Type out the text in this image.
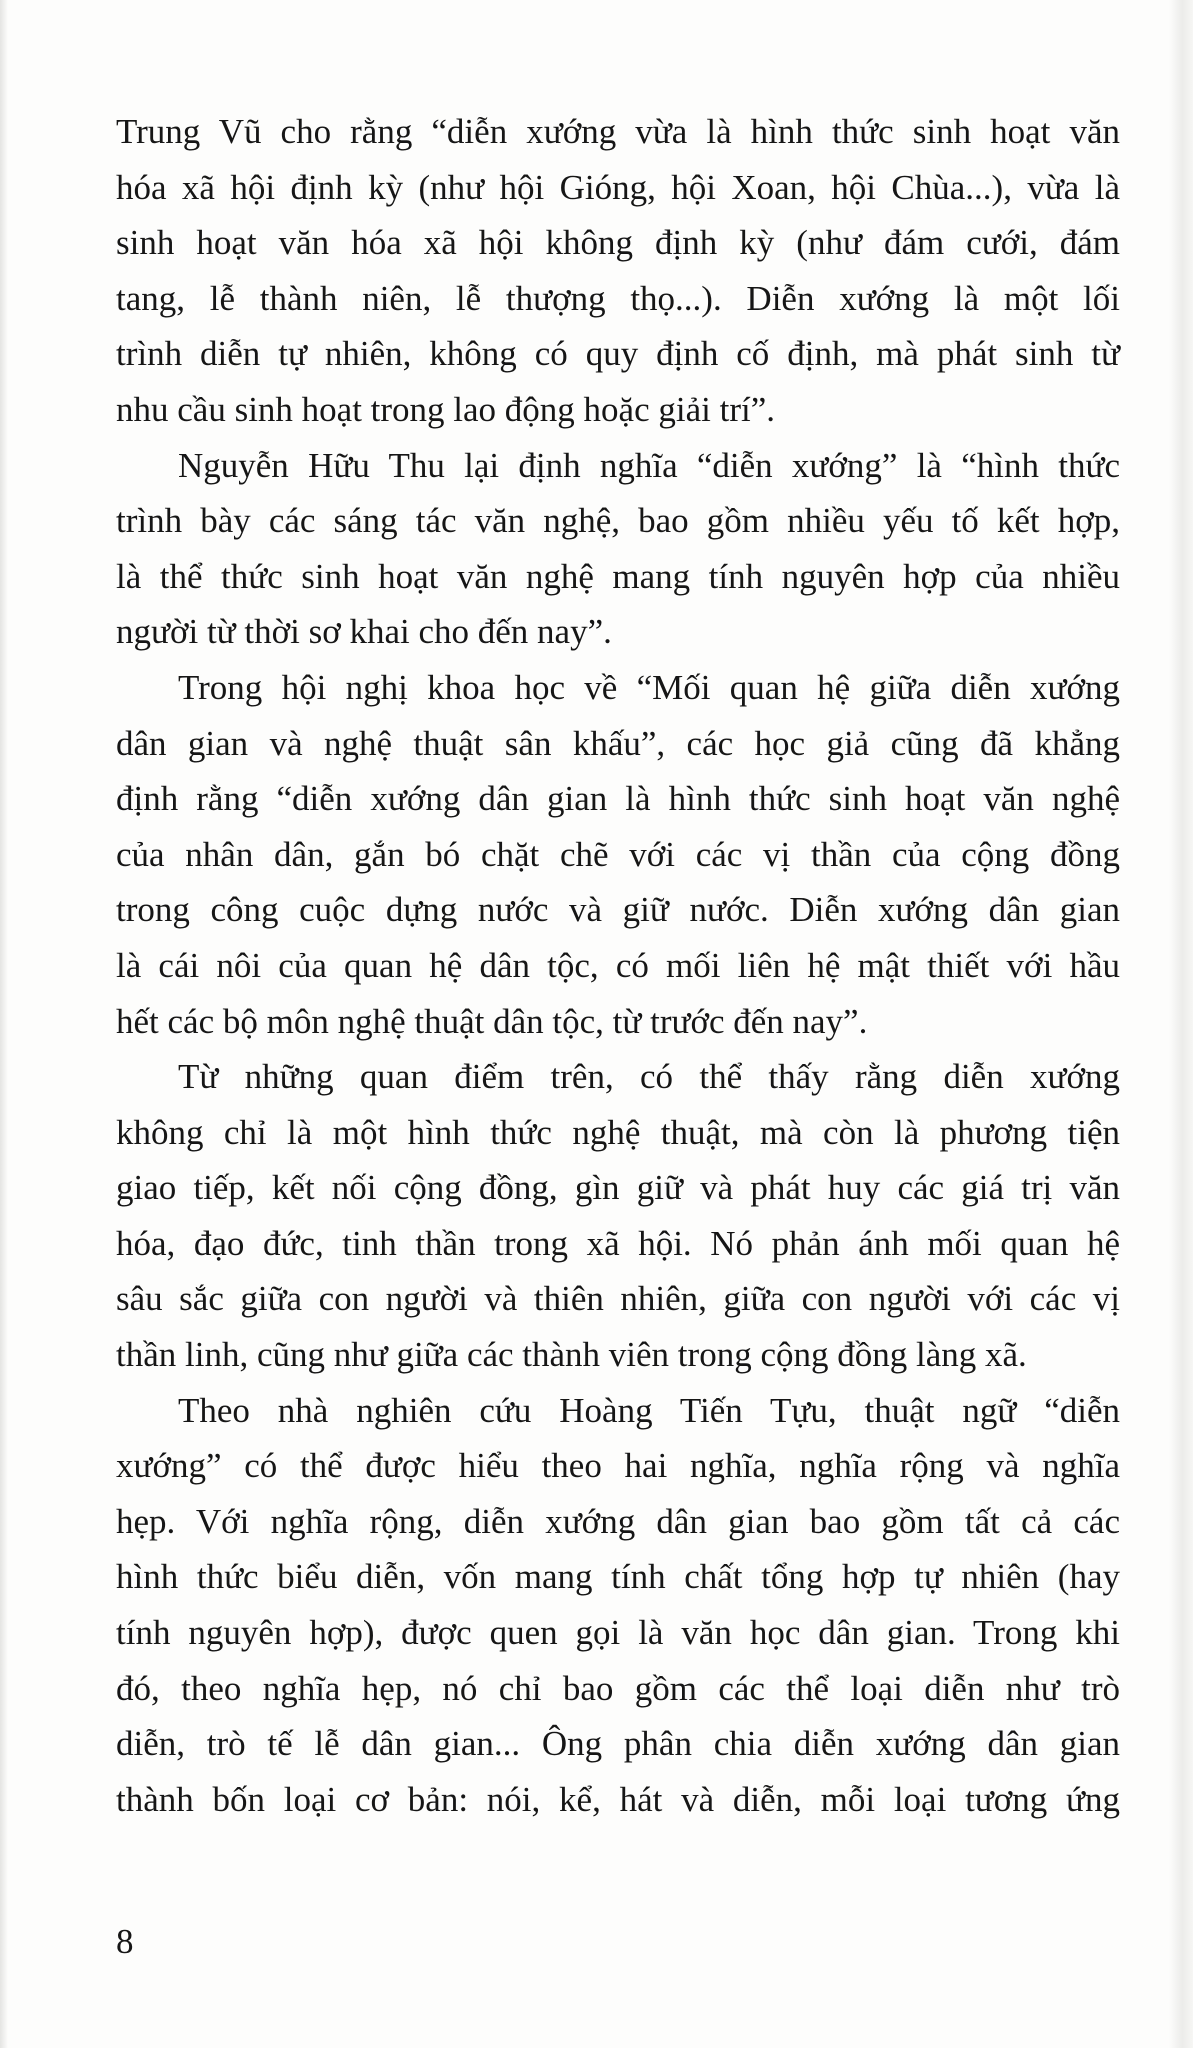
Trung Vũ cho rằng “diễn xướng vừa là hình thức sinh hoạt văn
hóa xã hội định kỳ (như hội Gióng, hội Xoan, hội Chùa...), vừa là
sinh hoạt văn hóa xã hội không định kỳ (như đám cưới, đám
tang, lễ thành niên, lễ thượng thọ...). Diễn xướng là một lối
trình diễn tự nhiên, không có quy định cố định, mà phát sinh từ
nhu cầu sinh hoạt trong lao động hoặc giải trí”.

Nguyễn Hữu Thu lại định nghĩa “diễn xướng” là “hình thức
trình bày các sáng tác văn nghệ, bao gồm nhiều yếu tố kết hợp,
là thể thức sinh hoạt văn nghệ mang tính nguyên hợp của nhiều
người từ thời sơ khai cho đến nay”.

Trong hội nghị khoa học về “Mối quan hệ giữa diễn xướng
dân gian và nghệ thuật sân khấu”, các học giả cũng đã khẳng
định rằng “diễn xướng dân gian là hình thức sinh hoạt văn nghệ
của nhân dân, gắn bó chặt chẽ với các vị thần của cộng đồng
trong công cuộc dựng nước và giữ nước. Diễn xướng dân gian
là cái nôi của quan hệ dân tộc, có mối liên hệ mật thiết với hầu
hết các bộ môn nghệ thuật dân tộc, từ trước đến nay”.

Từ những quan điểm trên, có thể thấy rằng diễn xướng
không chỉ là một hình thức nghệ thuật, mà còn là phương tiện
giao tiếp, kết nối cộng đồng, gìn giữ và phát huy các giá trị văn
hóa, đạo đức, tinh thần trong xã hội. Nó phản ánh mối quan hệ
sâu sắc giữa con người và thiên nhiên, giữa con người với các vị
thần linh, cũng như giữa các thành viên trong cộng đồng làng xã.

Theo nhà nghiên cứu Hoàng Tiến Tựu, thuật ngữ “diễn
xướng” có thể được hiểu theo hai nghĩa, nghĩa rộng và nghĩa
hẹp. Với nghĩa rộng, diễn xướng dân gian bao gồm tất cả các
hình thức biểu diễn, vốn mang tính chất tổng hợp tự nhiên (hay
tính nguyên hợp), được quen gọi là văn học dân gian. Trong khi
đó, theo nghĩa hẹp, nó chỉ bao gồm các thể loại diễn như trò
diễn, trò tế lễ dân gian... Ông phân chia diễn xướng dân gian
thành bốn loại cơ bản: nói, kể, hát và diễn, mỗi loại tương ứng

8
